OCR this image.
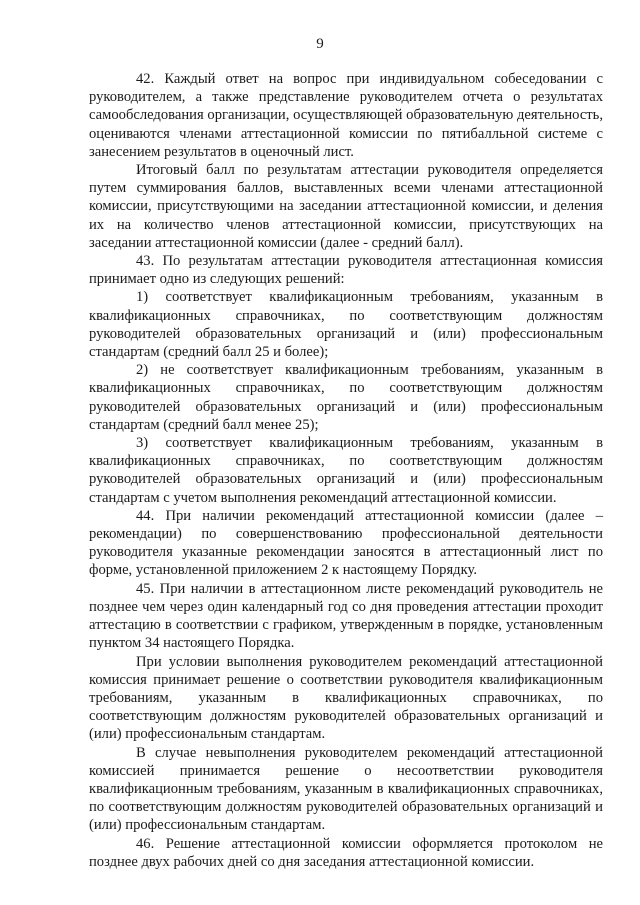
9

42. Каждый ответ на вопрос при индивидуальном собеседовании с руководителем, а также представление руководителем отчета о результатах самообследования организации, осуществляющей образовательную деятельность, оцениваются членами аттестационной комиссии по пятибалльной системе с занесением результатов в оценочный лист.

Итоговый балл по результатам аттестации руководителя определяется путем суммирования баллов, выставленных всеми членами аттестационной комиссии, присутствующими на заседании аттестационной комиссии, и деления их на количество членов аттестационной комиссии, присутствующих на заседании аттестационной комиссии (далее - средний балл).

43. По результатам аттестации руководителя аттестационная комиссия принимает одно из следующих решений:

1) соответствует квалификационным требованиям, указанным в квалификационных справочниках, по соответствующим должностям руководителей образовательных организаций и (или) профессиональным стандартам (средний балл 25 и более);

2) не соответствует квалификационным требованиям, указанным в квалификационных справочниках, по соответствующим должностям руководителей образовательных организаций и (или) профессиональным стандартам (средний балл менее 25);

3) соответствует квалификационным требованиям, указанным в квалификационных справочниках, по соответствующим должностям руководителей образовательных организаций и (или) профессиональным стандартам с учетом выполнения рекомендаций аттестационной комиссии.

44. При наличии рекомендаций аттестационной комиссии (далее – рекомендации) по совершенствованию профессиональной деятельности руководителя указанные рекомендации заносятся в аттестационный лист по форме, установленной приложением 2 к настоящему Порядку.

45. При наличии в аттестационном листе рекомендаций руководитель не позднее чем через один календарный год со дня проведения аттестации проходит аттестацию в соответствии с графиком, утвержденным в порядке, установленным пунктом 34 настоящего Порядка.

При условии выполнения руководителем рекомендаций аттестационной комиссия принимает решение о соответствии руководителя квалификационным требованиям, указанным в квалификационных справочниках, по соответствующим должностям руководителей образовательных организаций и (или) профессиональным стандартам.

В случае невыполнения руководителем рекомендаций аттестационной комиссией принимается решение о несоответствии руководителя квалификационным требованиям, указанным в квалификационных справочниках, по соответствующим должностям руководителей образовательных организаций и (или) профессиональным стандартам.

46. Решение аттестационной комиссии оформляется протоколом не позднее двух рабочих дней со дня заседания аттестационной комиссии.
